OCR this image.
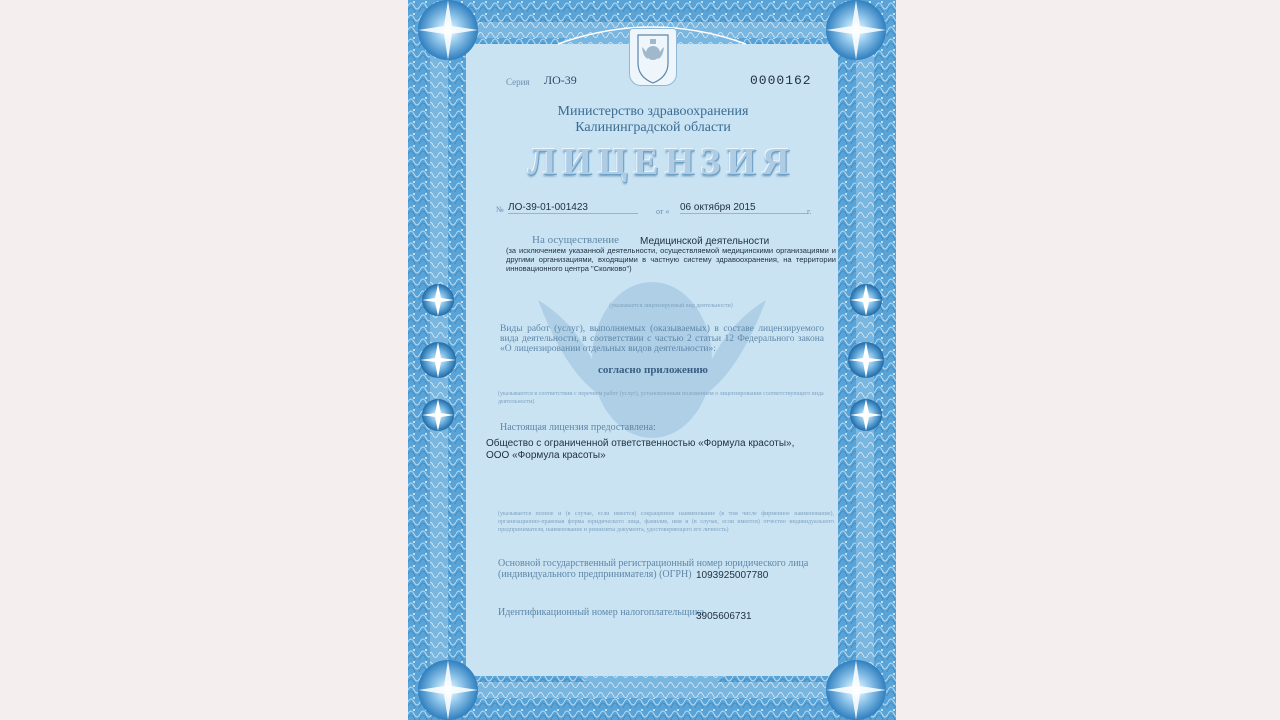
Серия ЛО-39	0000162
Министерство здравоохранения
Калининградской области
ЛИЦЕНЗИЯ
№ ЛО-39-01-001423	от « 06 октября 2015	г.
На осуществление Медицинской деятельности
(за исключением указанной деятельности, осуществляемой медицинскими организациями и другими организациями, входящими в частную систему здравоохранения, на территории инновационного центра "Сколково")
(указывается лицензируемый вид деятельности)
Виды работ (услуг), выполняемых (оказываемых) в составе лицензируемого вида деятельности, в соответствии с частью 2 статьи 12 Федерального закона «О лицензировании отдельных видов деятельности»:
согласно приложению
(указываются в соответствии с перечнем работ (услуг), установленным положением о лицензировании соответствующего вида деятельности)
Настоящая лицензия предоставлена:
Общество с ограниченной ответственностью «Формула красоты»,
ООО «Формула красоты»
(указывается полное и (в случае, если имеется) сокращенное наименование (в том числе фирменное наименование), организационно-правовая форма юридического лица, фамилия, имя и (в случае, если имеется) отчество индивидуального предпринимателя, наименование и реквизиты документа, удостоверяющего его личность)
Основной государственный регистрационный номер юридического лица
(индивидуального предпринимателя) (ОГРН) 1093925007780
Идентификационный номер налогоплательщика
3905606731
